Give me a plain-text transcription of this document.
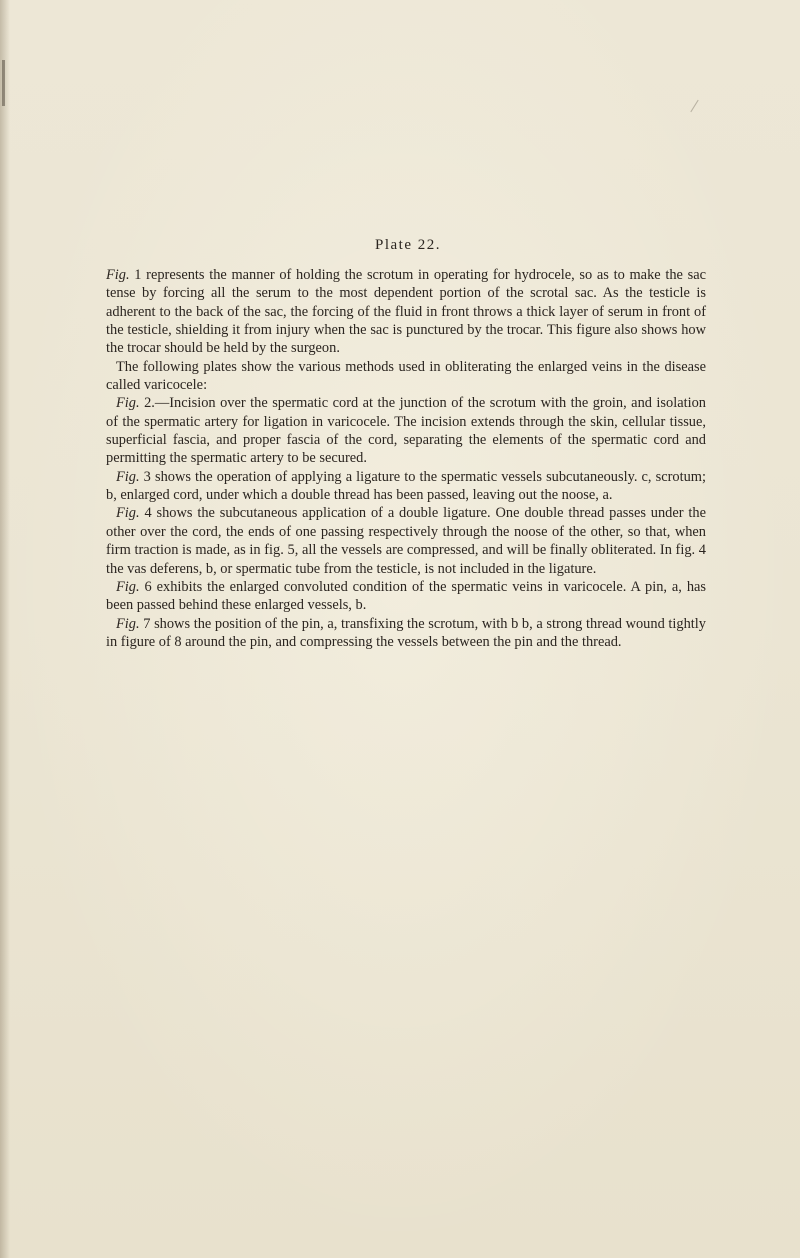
Plate 22.

Fig. 1 represents the manner of holding the scrotum in operating for hydrocele, so as to make the sac tense by forcing all the serum to the most dependent portion of the scrotal sac. As the testicle is adherent to the back of the sac, the forcing of the fluid in front throws a thick layer of serum in front of the testicle, shielding it from injury when the sac is punctured by the trocar. This figure also shows how the trocar should be held by the surgeon.

The following plates show the various methods used in obliterating the enlarged veins in the disease called varicocele:

Fig. 2.—Incision over the spermatic cord at the junction of the scrotum with the groin, and isolation of the spermatic artery for ligation in varicocele. The incision extends through the skin, cellular tissue, superficial fascia, and proper fascia of the cord, separating the elements of the spermatic cord and permitting the spermatic artery to be secured.

Fig. 3 shows the operation of applying a ligature to the spermatic vessels subcutaneously. c, scrotum; b, enlarged cord, under which a double thread has been passed, leaving out the noose, a.

Fig. 4 shows the subcutaneous application of a double ligature. One double thread passes under the other over the cord, the ends of one passing respectively through the noose of the other, so that, when firm traction is made, as in fig. 5, all the vessels are compressed, and will be finally obliterated. In fig. 4 the vas deferens, b, or spermatic tube from the testicle, is not included in the ligature.

Fig. 6 exhibits the enlarged convoluted condition of the spermatic veins in varicocele. A pin, a, has been passed behind these enlarged vessels, b.

Fig. 7 shows the position of the pin, a, transfixing the scrotum, with b b, a strong thread wound tightly in figure of 8 around the pin, and compressing the vessels between the pin and the thread.
